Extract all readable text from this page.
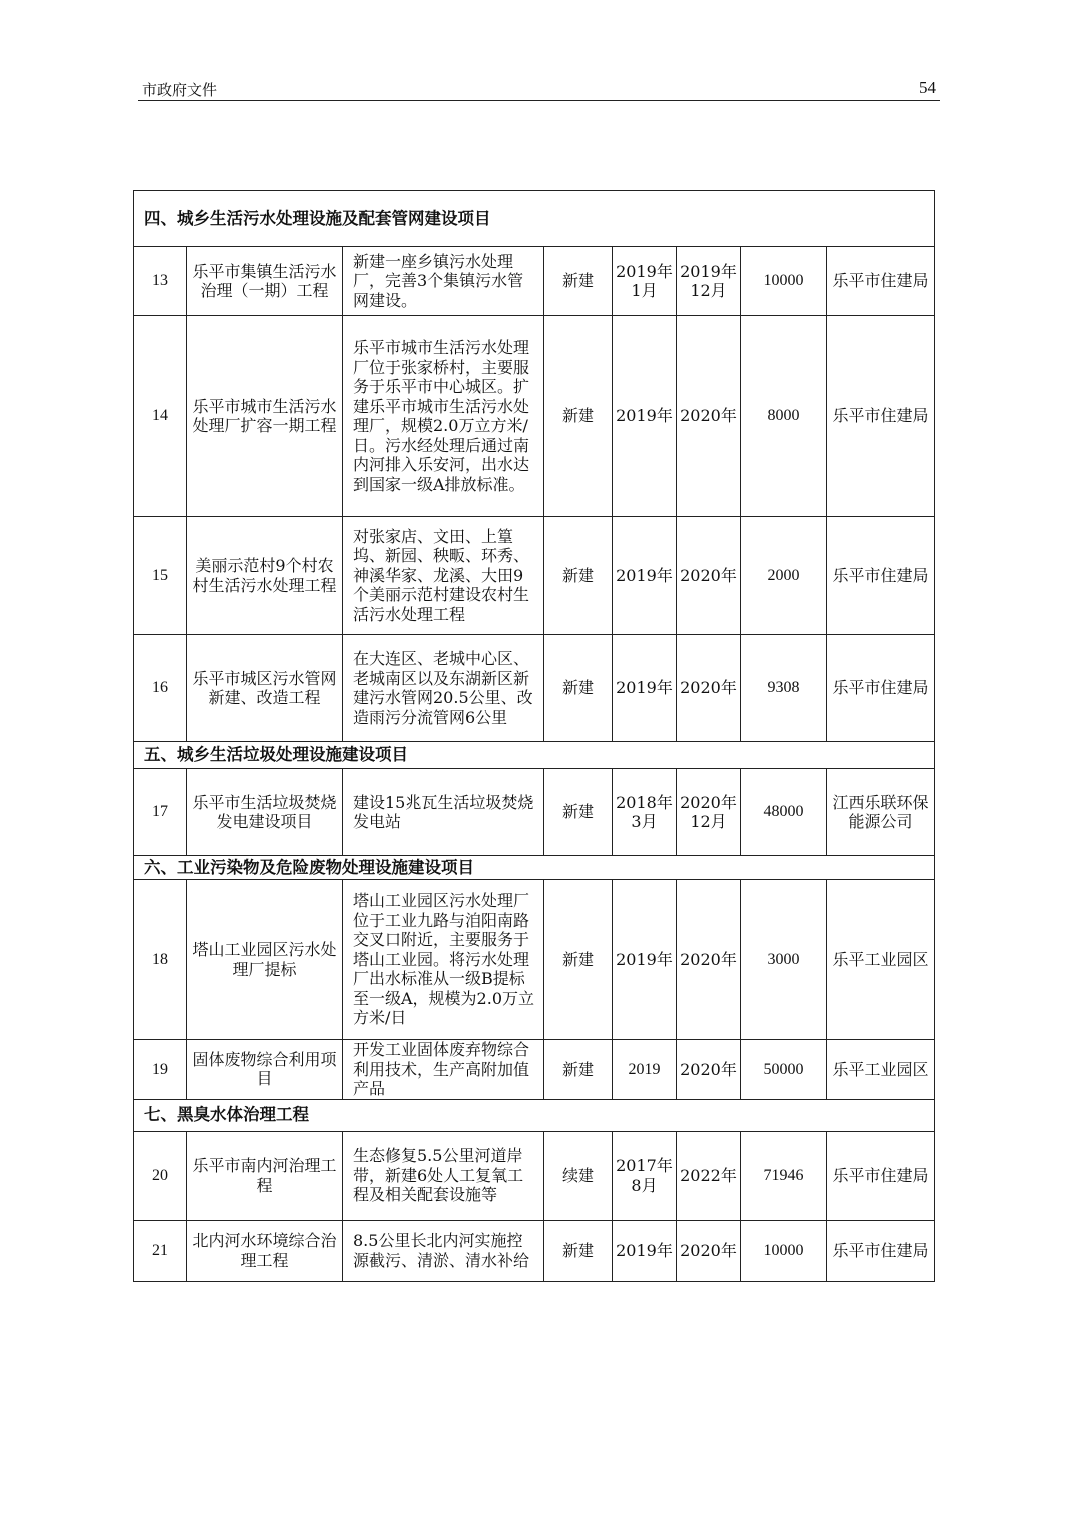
市政府文件	54
四、城乡生活污水处理设施及配套管网建设项目							
13	乐平市集镇生活污水治理（一期）工程	新建一座乡镇污水处理厂，完善3个集镇污水管网建设。	新建	2019年1月	2019年12月	10000	乐平市住建局
14	乐平市城市生活污水处理厂扩容一期工程	乐平市城市生活污水处理厂位于张家桥村，主要服务于乐平市中心城区。扩建乐平市城市生活污水处理厂，规模2.0万立方米/日。污水经处理后通过南内河排入乐安河，出水达到国家一级A排放标准。	新建	2019年	2020年	8000	乐平市住建局
15	美丽示范村9个村农村生活污水处理工程	对张家店、文田、上篁坞、新园、秧畈、环秀、神溪华家、龙溪、大田9个美丽示范村建设农村生活污水处理工程	新建	2019年	2020年	2000	乐平市住建局
16	乐平市城区污水管网新建、改造工程	在大连区、老城中心区、老城南区以及东湖新区新建污水管网20.5公里、改造雨污分流管网6公里	新建	2019年	2020年	9308	乐平市住建局
五、城乡生活垃圾处理设施建设项目							
17	乐平市生活垃圾焚烧发电建设项目	建设15兆瓦生活垃圾焚烧发电站	新建	2018年3月	2020年12月	48000	江西乐联环保能源公司
六、工业污染物及危险废物处理设施建设项目							
18	塔山工业园区污水处理厂提标	塔山工业园区污水处理厂位于工业九路与洎阳南路交叉口附近，主要服务于塔山工业园。将污水处理厂出水标准从一级B提标至一级A，规模为2.0万立方米/日	新建	2019年	2020年	3000	乐平工业园区
19	固体废物综合利用项目	开发工业固体废弃物综合利用技术，生产高附加值产品	新建	2019	2020年	50000	乐平工业园区
七、黑臭水体治理工程							
20	乐平市南内河治理工程	生态修复5.5公里河道岸带，新建6处人工复氧工程及相关配套设施等	续建	2017年8月	2022年	71946	乐平市住建局
21	北内河水环境综合治理工程	8.5公里长北内河实施控源截污、清淤、清水补给	新建	2019年	2020年	10000	乐平市住建局
